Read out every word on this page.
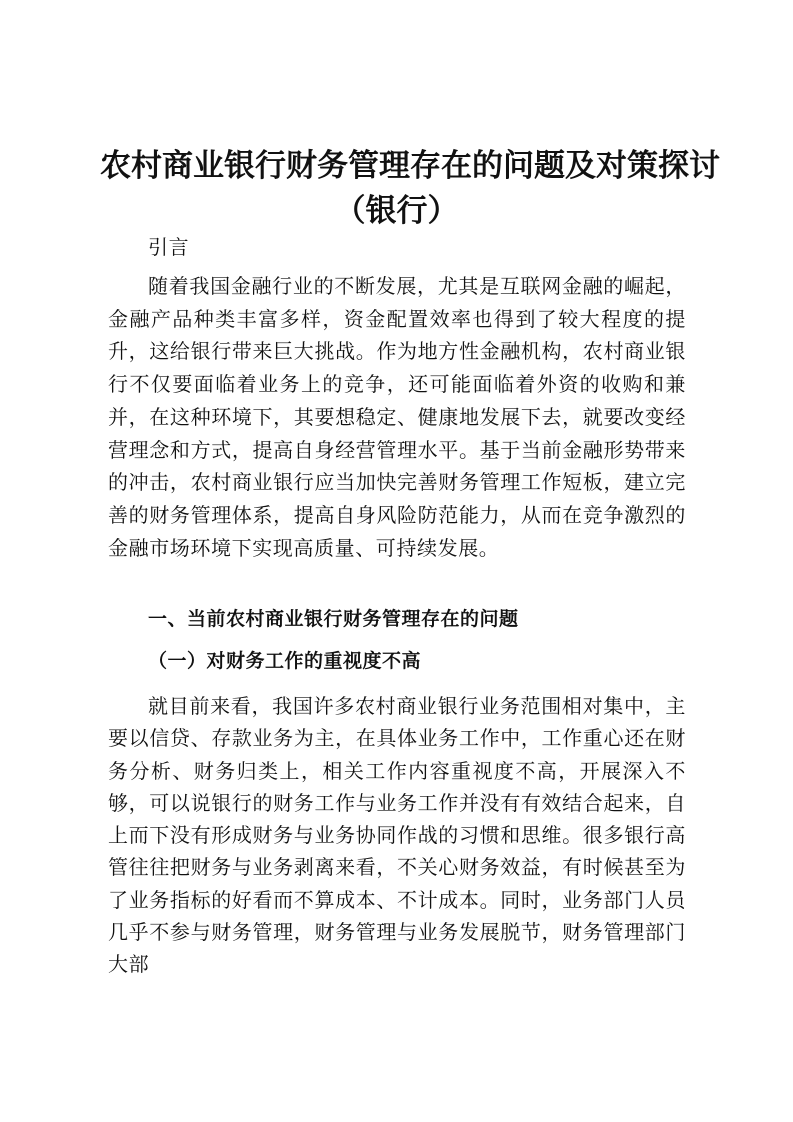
农村商业银行财务管理存在的问题及对策探讨
（银行）

引言

随着我国金融行业的不断发展，尤其是互联网金融的崛起，金融产品种类丰富多样，资金配置效率也得到了较大程度的提升，这给银行带来巨大挑战。作为地方性金融机构，农村商业银行不仅要面临着业务上的竞争，还可能面临着外资的收购和兼并，在这种环境下，其要想稳定、健康地发展下去，就要改变经营理念和方式，提高自身经营管理水平。基于当前金融形势带来的冲击，农村商业银行应当加快完善财务管理工作短板，建立完善的财务管理体系，提高自身风险防范能力，从而在竞争激烈的金融市场环境下实现高质量、可持续发展。

一、当前农村商业银行财务管理存在的问题
（一）对财务工作的重视度不高

就目前来看，我国许多农村商业银行业务范围相对集中，主要以信贷、存款业务为主，在具体业务工作中，工作重心还在财务分析、财务归类上，相关工作内容重视度不高，开展深入不够，可以说银行的财务工作与业务工作并没有有效结合起来，自上而下没有形成财务与业务协同作战的习惯和思维。很多银行高管往往把财务与业务剥离来看，不关心财务效益，有时候甚至为了业务指标的好看而不算成本、不计成本。同时，业务部门人员几乎不参与财务管理，财务管理与业务发展脱节，财务管理部门大部
